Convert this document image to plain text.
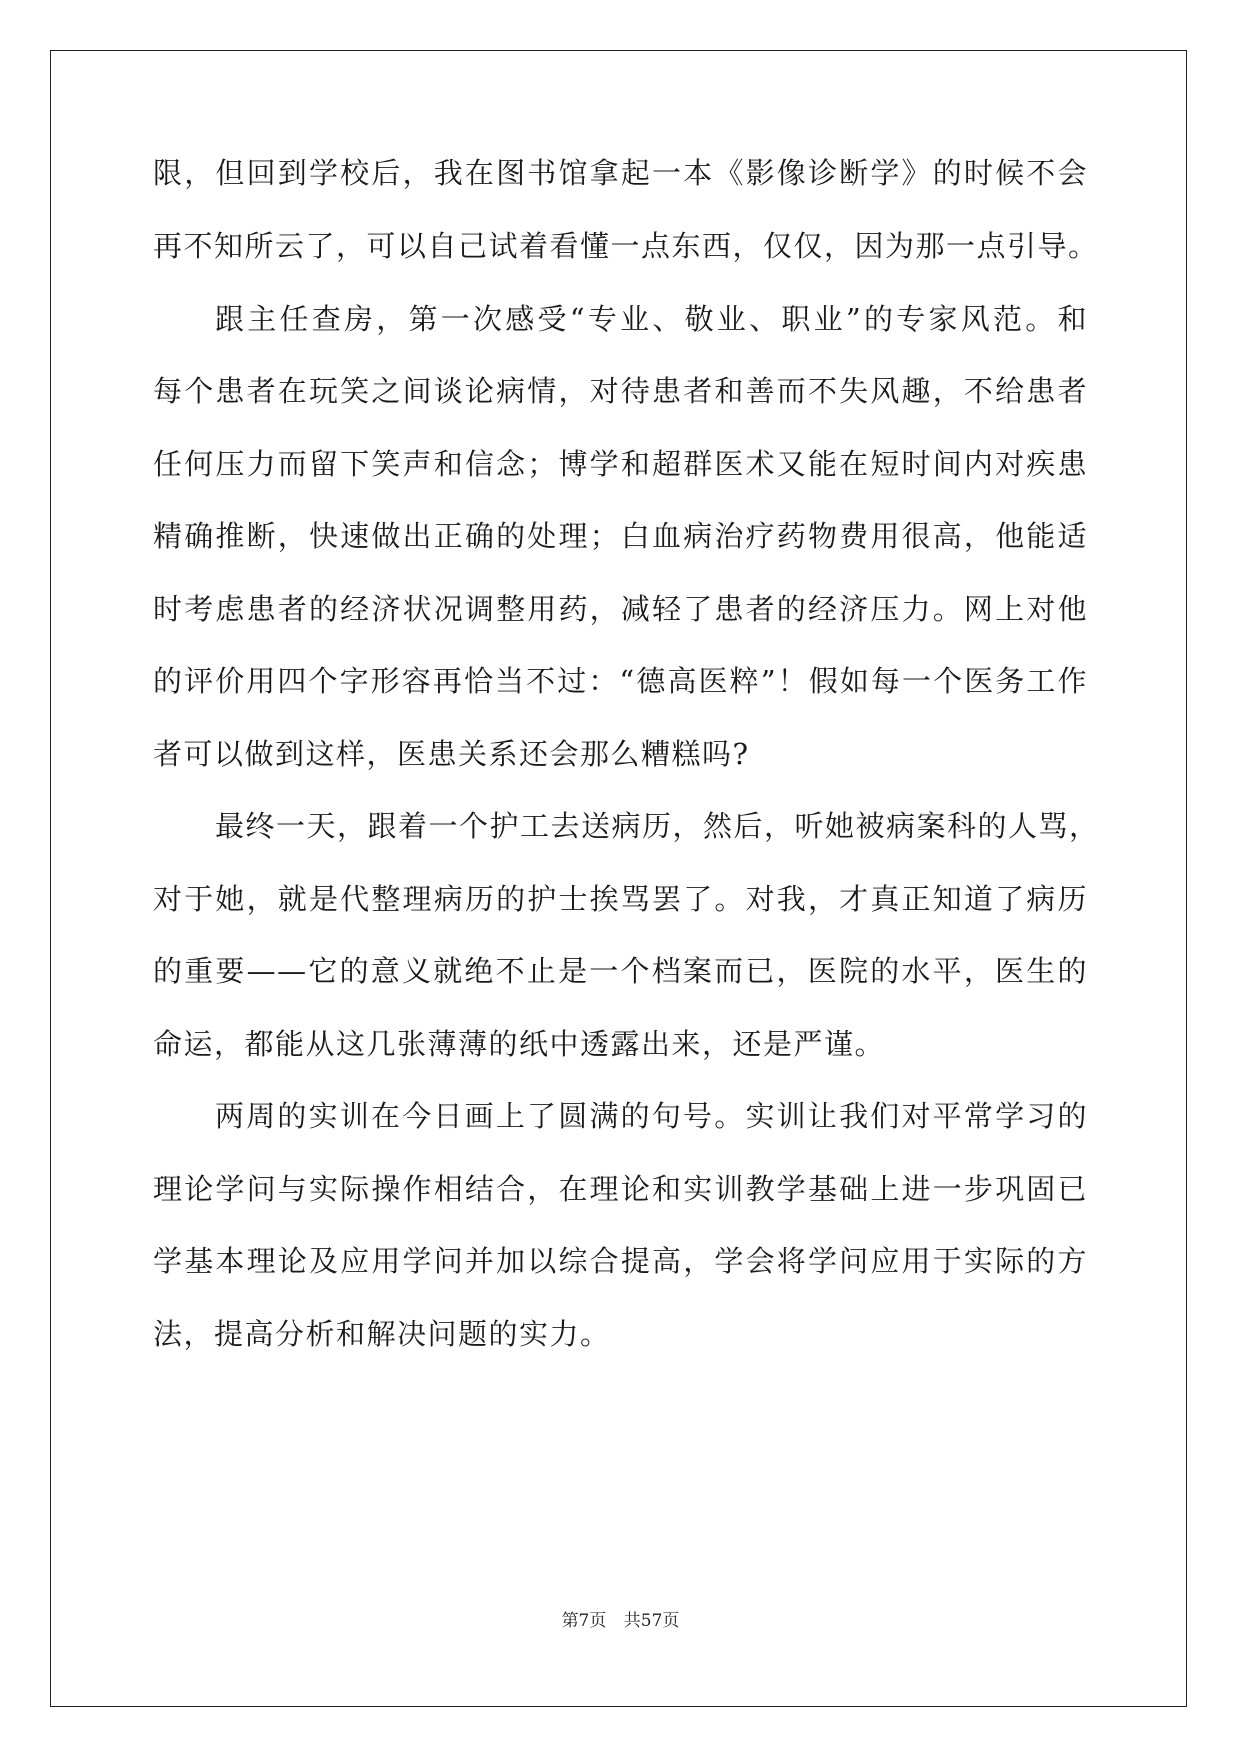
限，但回到学校后，我在图书馆拿起一本《影像诊断学》的时候不会
再不知所云了，可以自己试着看懂一点东西，仅仅，因为那一点引导。
跟主任查房，第一次感受“专业、敬业、职业”的专家风范。和
每个患者在玩笑之间谈论病情，对待患者和善而不失风趣，不给患者
任何压力而留下笑声和信念；博学和超群医术又能在短时间内对疾患
精确推断，快速做出正确的处理；白血病治疗药物费用很高，他能适
时考虑患者的经济状况调整用药，减轻了患者的经济压力。网上对他
的评价用四个字形容再恰当不过：“德高医粹”！假如每一个医务工作
者可以做到这样，医患关系还会那么糟糕吗?
最终一天，跟着一个护工去送病历，然后，听她被病案科的人骂，
对于她，就是代整理病历的护士挨骂罢了。对我，才真正知道了病历
的重要——它的意义就绝不止是一个档案而已，医院的水平，医生的
命运，都能从这几张薄薄的纸中透露出来，还是严谨。
两周的实训在今日画上了圆满的句号。实训让我们对平常学习的
理论学问与实际操作相结合，在理论和实训教学基础上进一步巩固已
学基本理论及应用学问并加以综合提高，学会将学问应用于实际的方
法，提高分析和解决问题的实力。
第7页 共57页
